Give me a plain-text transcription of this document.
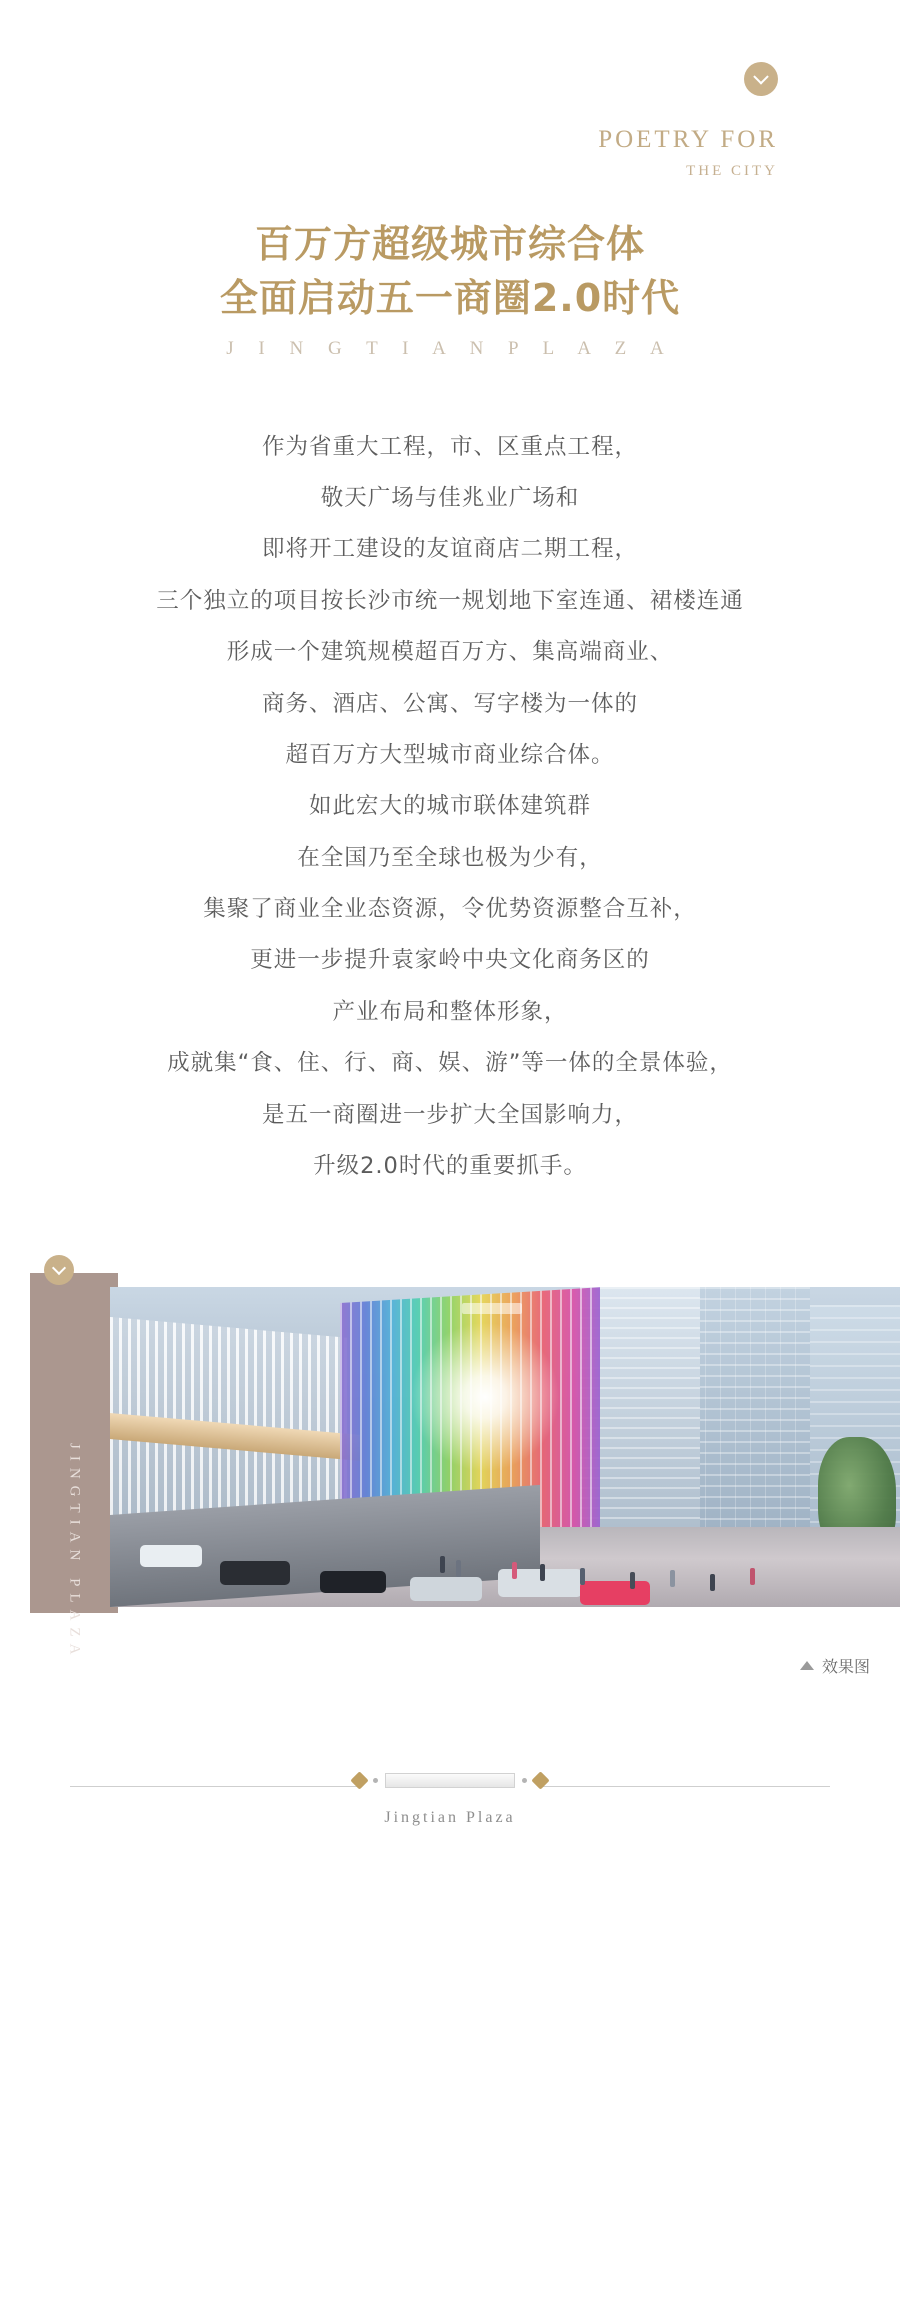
POETRY FOR
THE CITY
百万方超级城市综合体
全面启动五一商圈2.0时代
J I N G T I A N P L A Z A

作为省重大工程，市、区重点工程，

敬天广场与佳兆业广场和

即将开工建设的友谊商店二期工程，

三个独立的项目按长沙市统一规划地下室连通、裙楼连通

形成一个建筑规模超百万方、集高端商业、

商务、酒店、公寓、写字楼为一体的

超百万方大型城市商业综合体。

如此宏大的城市联体建筑群

在全国乃至全球也极为少有，

集聚了商业全业态资源，令优势资源整合互补，

更进一步提升袁家岭中央文化商务区的

产业布局和整体形象，

成就集“食、住、行、商、娱、游”等一体的全景体验，

是五一商圈进一步扩大全国影响力，

升级2.0时代的重要抓手。

JINGTIAN PLAZA
效果图
Jingtian Plaza
